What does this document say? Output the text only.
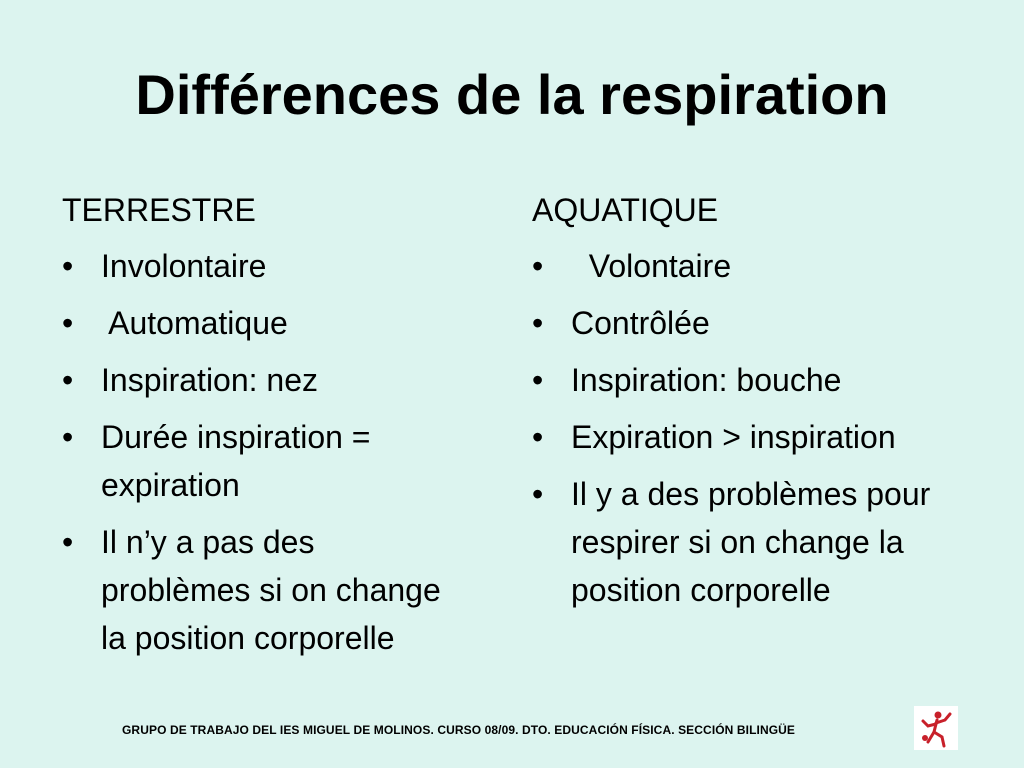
Différences de la respiration
TERRESTRE
• Involontaire
•  Automatique
• Inspiration: nez
• Durée inspiration = expiration
• Il n’y a pas des problèmes si on change la position corporelle
AQUATIQUE
•   Volontaire
• Contrôlée
• Inspiration: bouche
• Expiration > inspiration
• Il y a des problèmes pour respirer si on change la position corporelle
GRUPO DE TRABAJO DEL IES MIGUEL DE MOLINOS. CURSO 08/09. DTO. EDUCACIÓN FÍSICA. SECCIÓN BILINGÜE
